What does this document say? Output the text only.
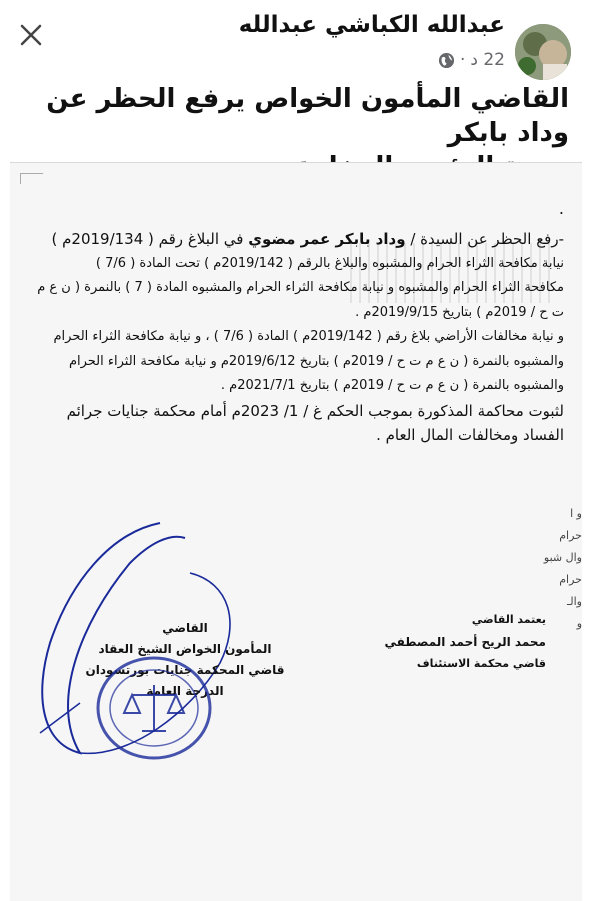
عبدالله الكباشي عبدالله
22 د
·
القاضي المأمون الخواص يرفع الحظر عن وداد بابكر
.
-رفع الحظر عن السيدة / وداد بابكر عمر مضوي في البلاغ رقم ( 2019/134م )
نيابة مكافحة الثراء الحرام والمشبوه والبلاغ بالرقم ( 2019/142م ) تحت المادة ( 7/6 )
مكافحة الثراء الحرام والمشبوه و نيابة مكافحة الثراء الحرام والمشبوه المادة ( 7 ) بالنمرة ( ن ع م
ت ح / 2019م ) بتاريخ 2019/9/15م .
و نيابة مخالفات الأراضي بلاغ رقم ( 2019/142م ) المادة ( 7/6 ) ، و نيابة مكافحة الثراء الحرام
والمشبوه بالنمرة ( ن ع م ت ح / 2019م ) بتاريخ 2019/6/12م و نيابة مكافحة الثراء الحرام
والمشبوه بالنمرة ( ن ع م ت ح / 2019م ) بتاريخ 2021/7/1م .
لثبوت محاكمة المذكورة بموجب الحكم غ / 1/ 2023م أمام محكمة جنايات جرائم
الفساد ومخالفات المال العام .
و ا
حرام
وال شبو
حرام
والـ
و
يعتمد القاضي
محمد الريح أحمد المصطفي
قاضي محكمة الاستئناف
القاضي
المأمون الخواض الشيخ العقاد
قاضي المحكمة جنايات بورتسودان
الدرجة العامة
